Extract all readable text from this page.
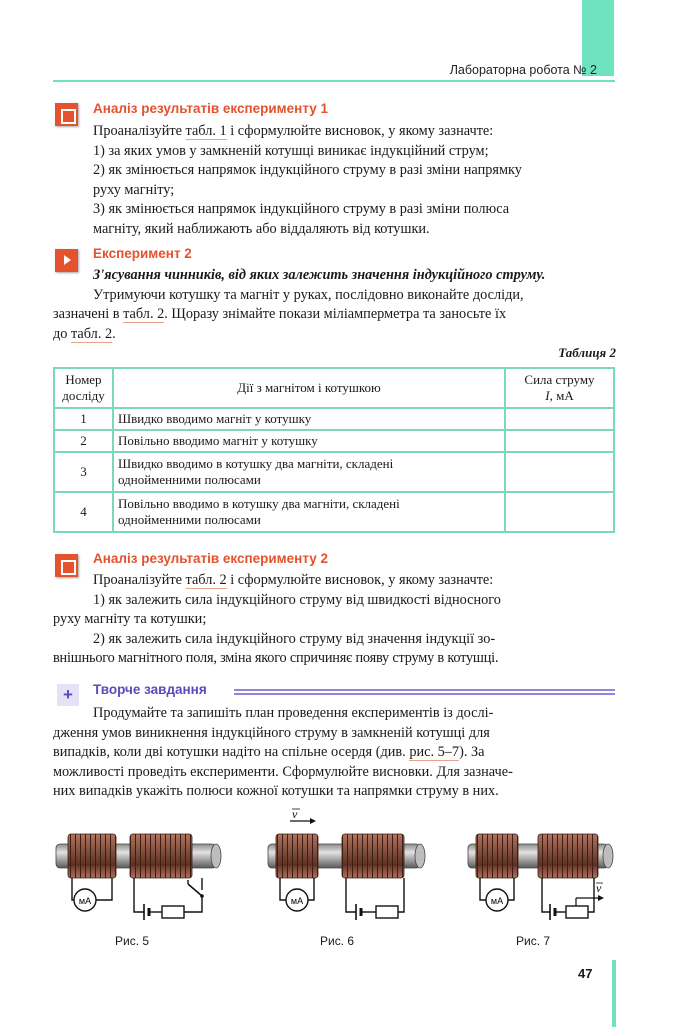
Лабораторна робота № 2
Аналіз результатів експерименту 1
Проаналізуйте табл. 1 і сформулюйте висновок, у якому зазначте:
1) за яких умов у замкненій котушці виникає індукційний струм;
2) як змінюється напрямок індукційного струму в разі зміни напрямку
руху магніту;
3) як змінюється напрямок індукційного струму в разі зміни полюса
магніту, який наближають або віддаляють від котушки.
Експеримент 2
З'ясування чинників, від яких залежить значення індукційного струму.
Утримуючи котушку та магніт у руках, послідовно виконайте досліди,
зазначені в табл. 2. Щоразу знімайте покази міліамперметра та заносьте їх
до табл. 2.
Таблиця 2
Номер
досліду	Дії з магнітом і котушкою	Сила струму
I, мА
1	Швидко вводимо магніт у котушку	
2	Повільно вводимо магніт у котушку	
3	Швидко вводимо в котушку два магніти, складені
однойменними полюсами	
4	Повільно вводимо в котушку два магніти, складені
однойменними полюсами	
Аналіз результатів експерименту 2
Проаналізуйте табл. 2 і сформулюйте висновок, у якому зазначте:
1) як залежить сила індукційного струму від швидкості відносного
руху магніту та котушки;
2) як залежить сила індукційного струму від значення індукції зо-
внішнього магнітного поля, зміна якого спричиняє появу струму в котушці.
+	Творче завдання
Продумайте та запишіть план проведення експериментів із дослі-
дження умов виникнення індукційного струму в замкненій котушці для
випадків, коли дві котушки надіто на спільне осердя (див. рис. 5–7). За
можливості проведіть експерименти. Сформулюйте висновки. Для зазначе-
них випадків укажіть полюси кожної котушки та напрямки струму в них.
мА
Рис. 5
v
мА
Рис. 6
мА
v
Рис. 7
47
